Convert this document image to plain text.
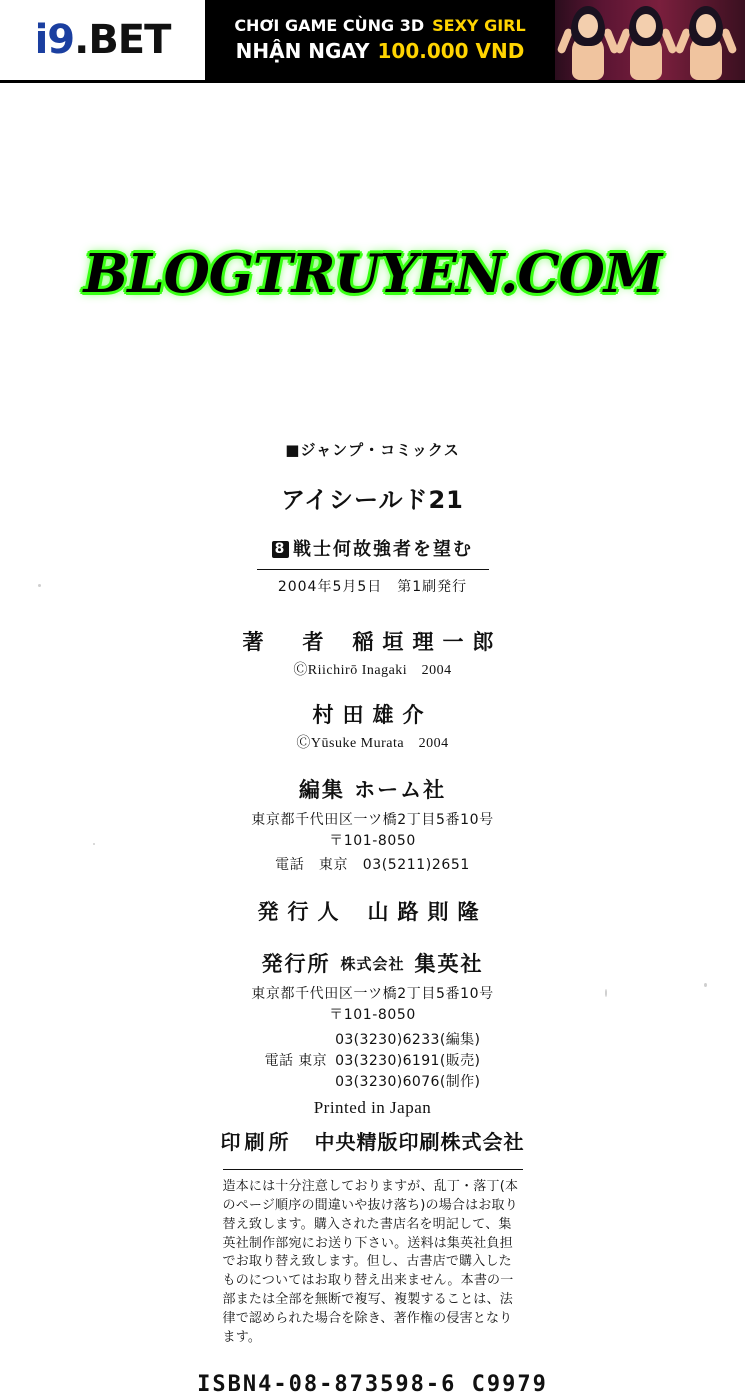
i9.BET	CHƠI GAME CÙNG 3D SEXY GIRL
NHẬN NGAY 100.000 VND
BLOGTRUYEN.COM
■ジャンプ・コミックス
アイシールド21
8 戦士何故強者を望む
2004年5月5日　第1刷発行
著　者 稲垣理一郎
ⒸRiichirō Inagaki　2004
村田雄介
ⒸYūsuke Murata　2004
編集 ホーム社
東京都千代田区一ツ橋2丁目5番10号
〒101-8050
電話　東京　03(5211)2651
発行人 山路則隆
発行所 株式会社 集英社
東京都千代田区一ツ橋2丁目5番10号
〒101-8050
電話 東京
03(3230)6233(編集)
03(3230)6191(販売)
03(3230)6076(制作)
Printed in Japan
印刷所 中央精版印刷株式会社
造本には十分注意しておりますが、乱丁・落丁(本のページ順序の間違いや抜け落ち)の場合はお取り替え致します。購入された書店名を明記して、集英社制作部宛にお送り下さい。送料は集英社負担でお取り替え致します。但し、古書店で購入したものについてはお取り替え出来ません。本書の一部または全部を無断で複写、複製することは、法律で認められた場合を除き、著作権の侵害となります。
ISBN4-08-873598-6 C9979
